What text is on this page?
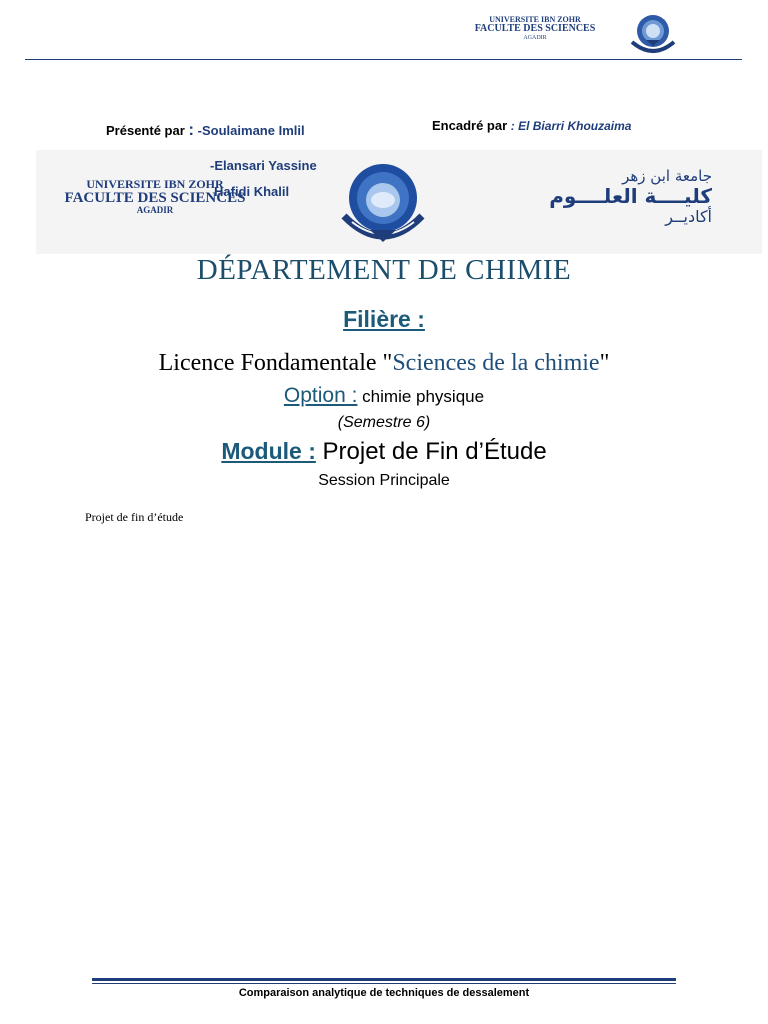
UNIVERSITE IBN ZOHR
FACULTE DES SCIENCES
AGADIR
Présenté par : -Soulaimane Imlil	Encadré par : El Biarri Khouzaima
UNIVERSITE IBN ZOHR
FACULTE DES SCIENCES
AGADIR
جامعة ابن زهر
كليــــة العلــــوم
أكاديــر
-Elansari Yassine
Hafidi Khalil
DÉPARTEMENT DE CHIMIE
Filière :
Licence Fondamentale "Sciences de la chimie"
Option : chimie physique
(Semestre 6)
Module : Projet de Fin d’Étude
Session Principale
Projet de fin d’étude
Comparaison analytique de techniques de dessalement
